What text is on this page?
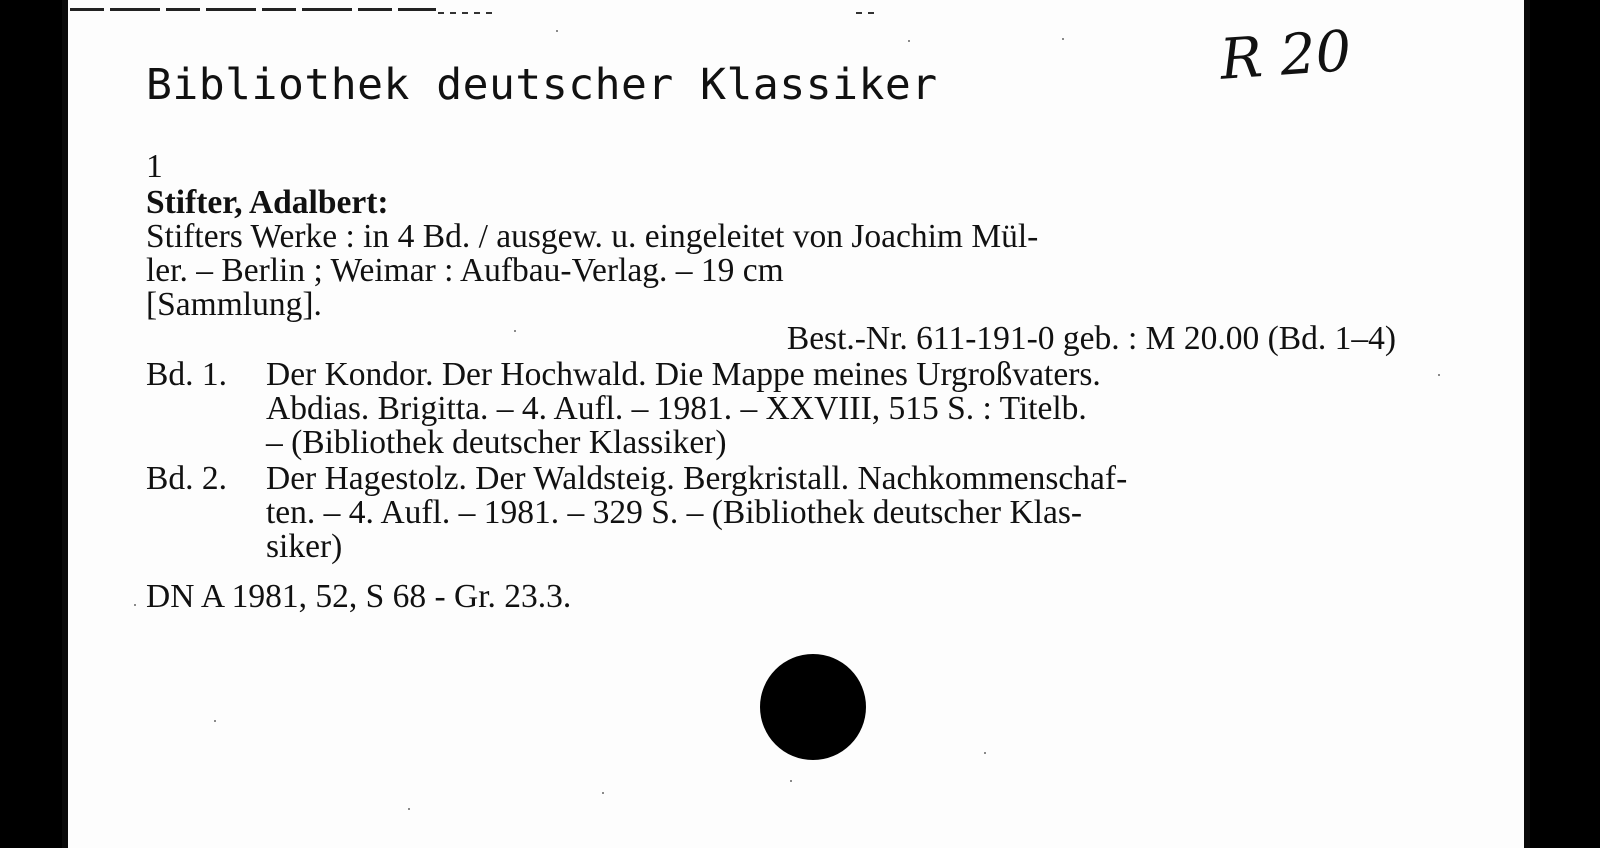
Bibliothek deutscher Klassiker	R 20
1
Stifter, Adalbert:
Stifters Werke : in 4 Bd. / ausgew. u. eingeleitet von Joachim Mül-
ler. – Berlin ; Weimar : Aufbau-Verlag. – 19 cm
[Sammlung].
Best.-Nr. 611-191-0 geb. : M 20.00 (Bd. 1–4)
Bd. 1.	Der Kondor. Der Hochwald. Die Mappe meines Urgroßvaters.
Abdias. Brigitta. – 4. Aufl. – 1981. – XXVIII, 515 S. : Titelb.
– (Bibliothek deutscher Klassiker)
Bd. 2.	Der Hagestolz. Der Waldsteig. Bergkristall. Nachkommenschaf-
ten. – 4. Aufl. – 1981. – 329 S. – (Bibliothek deutscher Klas-
siker)
DN A 1981, 52, S 68 - Gr. 23.3.
